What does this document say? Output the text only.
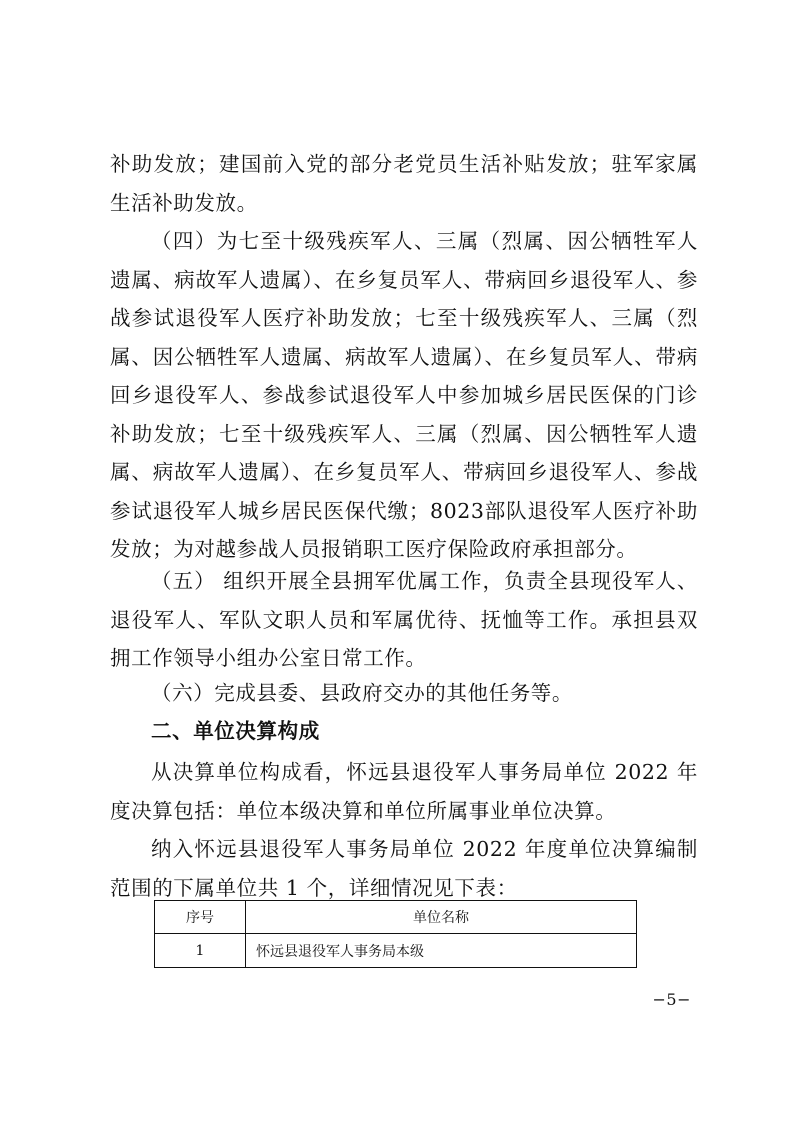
补助发放；建国前入党的部分老党员生活补贴发放；驻军家属生活补助发放。

（四）为七至十级残疾军人、三属（烈属、因公牺牲军人遗属、病故军人遗属）、在乡复员军人、带病回乡退役军人、参战参试退役军人医疗补助发放；七至十级残疾军人、三属（烈属、因公牺牲军人遗属、病故军人遗属）、在乡复员军人、带病回乡退役军人、参战参试退役军人中参加城乡居民医保的门诊补助发放；七至十级残疾军人、三属（烈属、因公牺牲军人遗属、病故军人遗属）、在乡复员军人、带病回乡退役军人、参战参试退役军人城乡居民医保代缴；8023部队退役军人医疗补助发放；为对越参战人员报销职工医疗保险政府承担部分。

（五） 组织开展全县拥军优属工作，负责全县现役军人、退役军人、军队文职人员和军属优待、抚恤等工作。承担县双拥工作领导小组办公室日常工作。

（六）完成县委、县政府交办的其他任务等。

二、单位决算构成

从决算单位构成看，怀远县退役军人事务局单位 2022 年度决算包括：单位本级决算和单位所属事业单位决算。

纳入怀远县退役军人事务局单位 2022 年度单位决算编制范围的下属单位共 1 个，详细情况见下表：

序号	单位名称
1	怀远县退役军人事务局本级
−5−
